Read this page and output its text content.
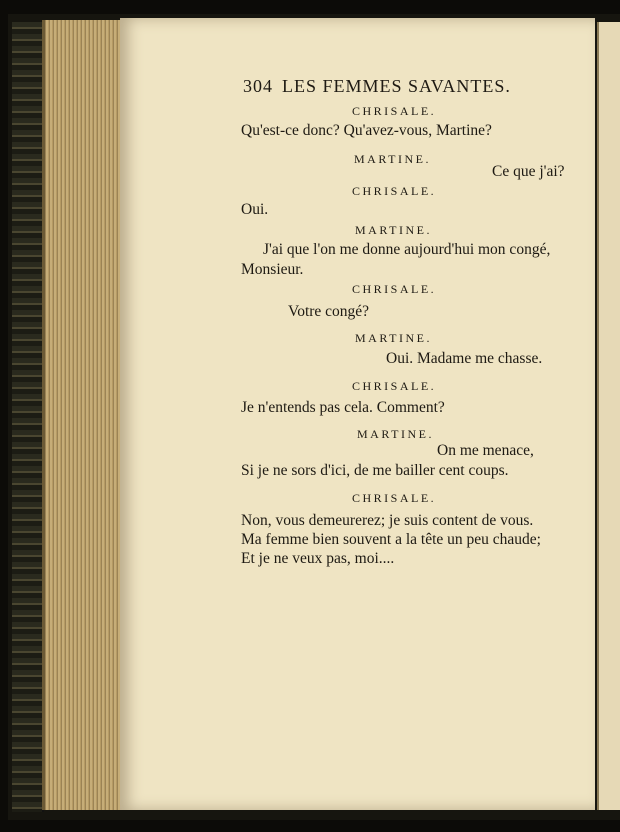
304 LES FEMMES SAVANTES.
CHRISALE.
Qu'est-ce donc? Qu'avez-vous, Martine?
MARTINE.
Ce que j'ai?
CHRISALE.
Oui.
MARTINE.
J'ai que l'on me donne aujourd'hui mon congé,
Monsieur.
CHRISALE.
Votre congé?
MARTINE.
Oui. Madame me chasse.
CHRISALE.
Je n'entends pas cela. Comment?
MARTINE.
On me menace,
Si je ne sors d'ici, de me bailler cent coups.
CHRISALE.
Non, vous demeurerez; je suis content de vous.
Ma femme bien souvent a la tête un peu chaude;
Et je ne veux pas, moi....
